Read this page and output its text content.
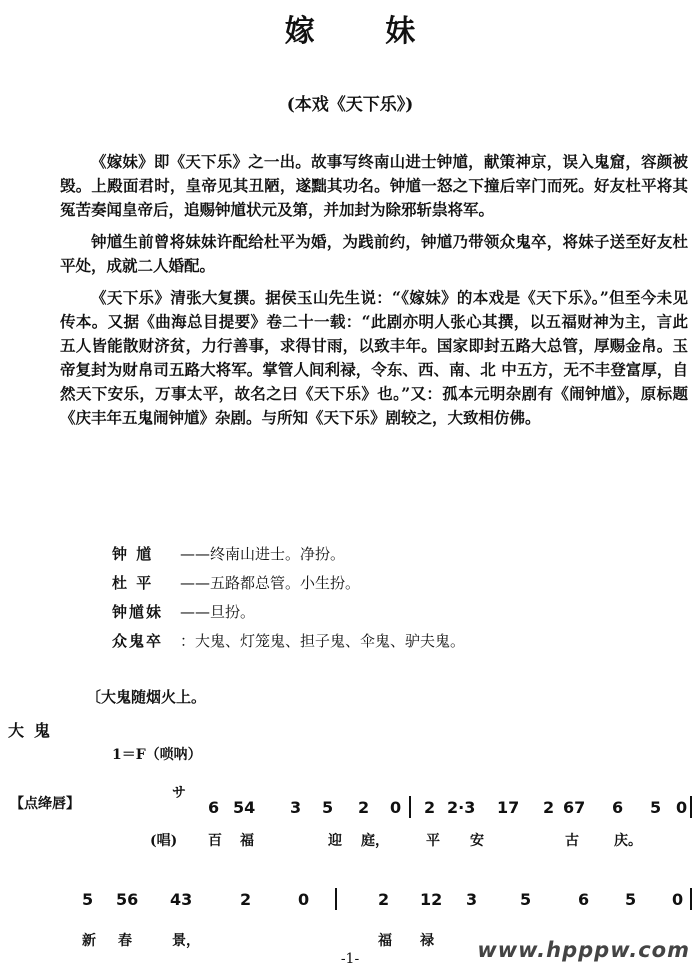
嫁 妹
(本戏《天下乐》)

《嫁妹》即《天下乐》之一出。故事写终南山进士钟馗，献策神京，误入鬼窟，容颜被毁。上殿面君时，皇帝见其丑陋，遂黜其功名。钟馗一怒之下撞后宰门而死。好友杜平将其冤苦奏闻皇帝后，追赐钟馗状元及第，并加封为除邪斩祟将军。

钟馗生前曾将妹妹许配给杜平为婚，为践前约，钟馗乃带领众鬼卒，将妹子送至好友杜平处，成就二人婚配。

《天下乐》清张大复撰。据侯玉山先生说：“《嫁妹》的本戏是《天下乐》。”但至今未见传本。又据《曲海总目提要》卷二十一载：“此剧亦明人张心其撰，以五福财神为主，言此五人皆能散财济贫，力行善事，求得甘雨，以致丰年。国家即封五路大总管，厚赐金帛。玉帝复封为财帛司五路大将军。掌管人间利禄，令东、西、南、北 中五方，无不丰登富厚，自然天下安乐，万事太平，故名之曰《天下乐》也。”又：孤本元明杂剧有《闹钟馗》，原标题《庆丰年五鬼闹钟馗》杂剧。与所知《天下乐》剧较之，大致相仿佛。

钟 馗	——终南山进士。净扮。
杜 平	——五路都总管。小生扮。
钟馗妹	——旦扮。
众鬼卒	：大鬼、灯笼鬼、担子鬼、伞鬼、驴夫鬼。
〔大鬼随烟火上。
大鬼
1＝F（唢呐）
【点绛唇】
サ
6 54 3 5 2 0 2 2·3 17 2 67 6 5 0
(唱) 百 福	迎 庭，	平 安	古	庆。
5 56 43	2	0	2 12 3	5	6 5 0
新 春	景，	福 禄
-1-	www.hpppw.com
